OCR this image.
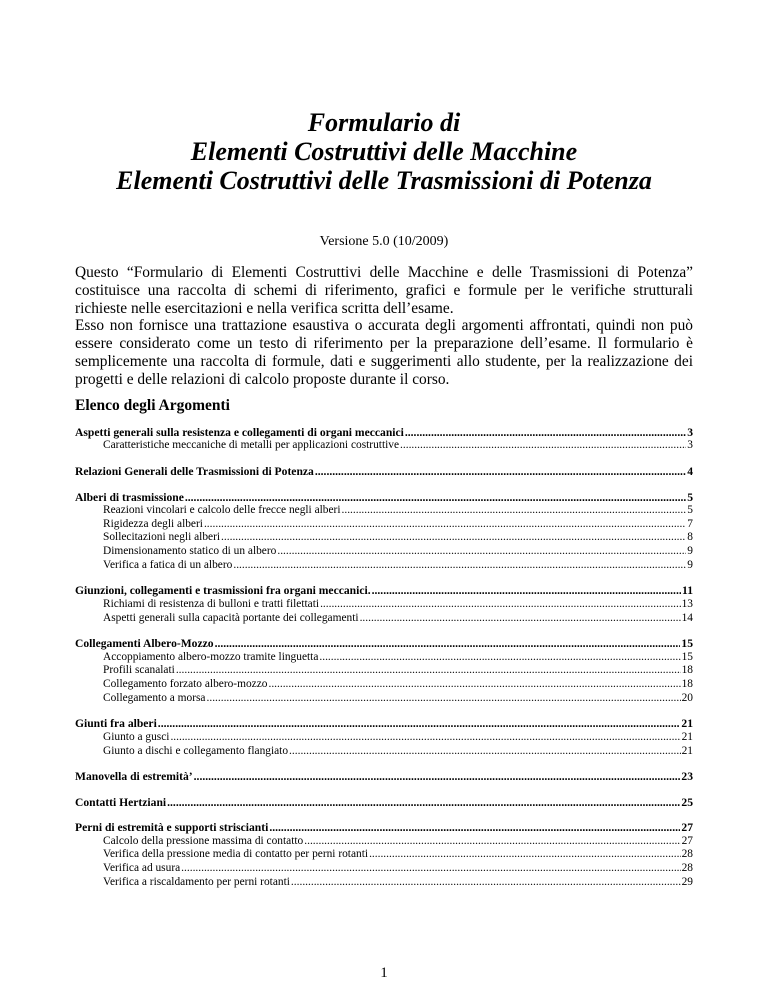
Formulario di
Elementi Costruttivi delle Macchine
Elementi Costruttivi delle Trasmissioni di Potenza
Versione 5.0 (10/2009)

Questo “Formulario di Elementi Costruttivi delle Macchine e delle Trasmissioni di Potenza” costituisce una raccolta di schemi di riferimento, grafici e formule per le verifiche strutturali richieste nelle esercitazioni e nella verifica scritta dell’esame.

Esso non fornisce una trattazione esaustiva o accurata degli argomenti affrontati, quindi non può essere considerato come un testo di riferimento per la preparazione dell’esame. Il formulario è semplicemente una raccolta di formule, dati e suggerimenti allo studente, per la realizzazione dei progetti e delle relazioni di calcolo proposte durante il corso.

Elenco degli Argomenti
Aspetti generali sulla resistenza e collegamenti di organi meccanici .....	3
Caratteristiche meccaniche di metalli per applicazioni costruttive .....	3
Relazioni Generali delle Trasmissioni di Potenza .....	4
Alberi di trasmissione .....	5
Reazioni vincolari e calcolo delle frecce negli alberi .....	5
Rigidezza degli alberi .....	7
Sollecitazioni negli alberi .....	8
Dimensionamento statico di un albero .....	9
Verifica a fatica di un albero .....	9
Giunzioni, collegamenti e trasmissioni fra organi meccanici. .....	11
Richiami di resistenza di bulloni e tratti filettati .....	13
Aspetti generali sulla capacità portante dei collegamenti .....	14
Collegamenti Albero-Mozzo .....	15
Accoppiamento albero-mozzo tramite linguetta .....	15
Profili scanalati .....	18
Collegamento forzato albero-mozzo .....	18
Collegamento a morsa .....	20
Giunti fra alberi .....	21
Giunto a gusci .....	21
Giunto a dischi e collegamento flangiato .....	21
Manovella di estremità’ .....	23
Contatti Hertziani .....	25
Perni di estremità e supporti striscianti .....	27
Calcolo della pressione massima di contatto .....	27
Verifica della pressione media di contatto per perni rotanti .....	28
Verifica ad usura .....	28
Verifica a riscaldamento per perni rotanti .....	29
1
